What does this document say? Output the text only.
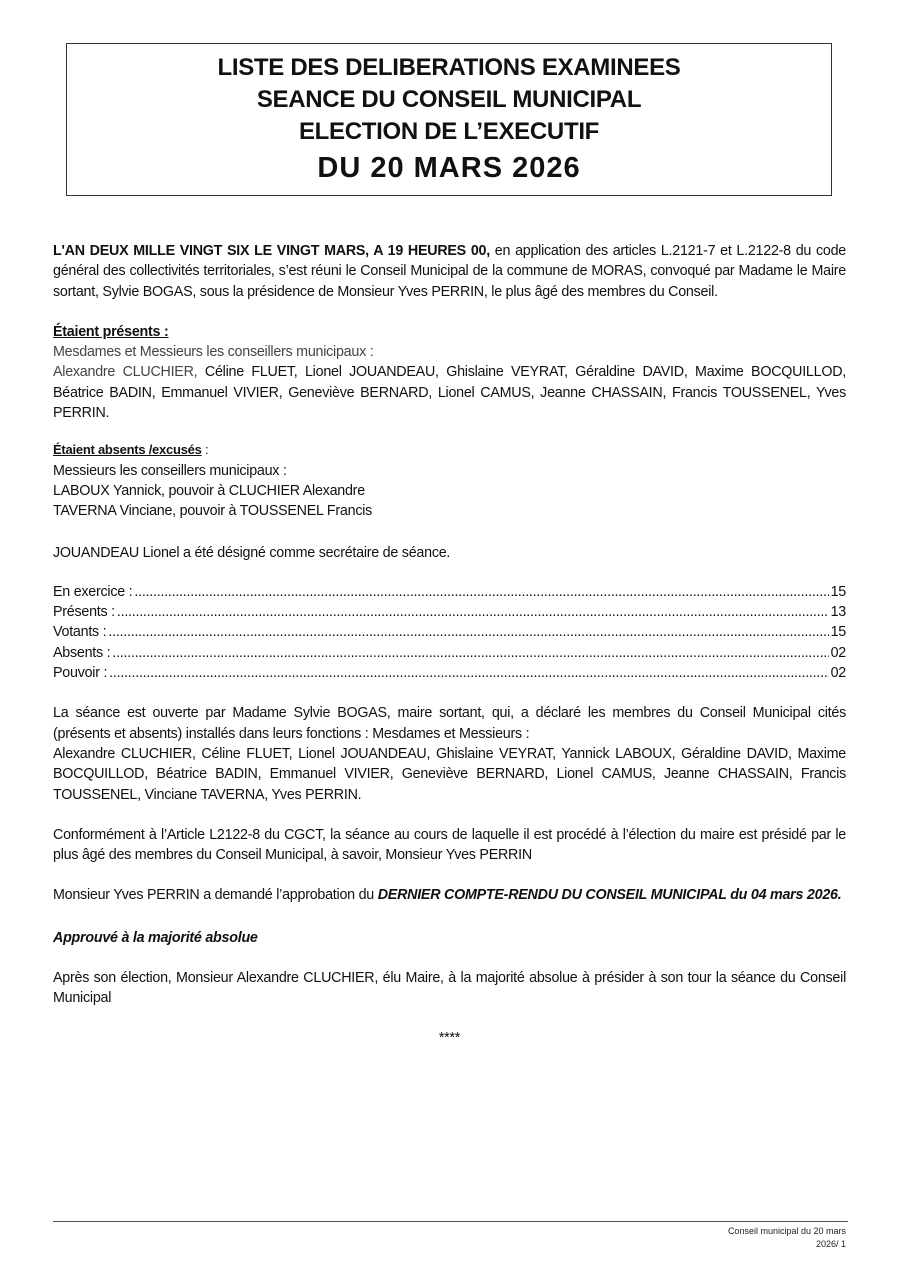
LISTE DES DELIBERATIONS EXAMINEES
SEANCE DU CONSEIL MUNICIPAL
ELECTION DE L’EXECUTIF
DU 20 MARS 2026

L'AN DEUX MILLE VINGT SIX LE VINGT MARS, A 19 HEURES 00, en application des articles L.2121-7 et L.2122-8 du code général des collectivités territoriales, s’est réuni le Conseil Municipal de la commune de MORAS, convoqué par Madame le Maire sortant, Sylvie BOGAS, sous la présidence de Monsieur Yves PERRIN, le plus âgé des membres du Conseil.

Étaient présents :

Mesdames et Messieurs les conseillers municipaux :

Alexandre CLUCHIER, Céline FLUET, Lionel JOUANDEAU, Ghislaine VEYRAT, Géraldine DAVID, Maxime BOCQUILLOD, Béatrice BADIN, Emmanuel VIVIER, Geneviève BERNARD, Lionel CAMUS, Jeanne CHASSAIN, Francis TOUSSENEL, Yves PERRIN.

Étaient absents /excusés :

Messieurs les conseillers municipaux :

LABOUX Yannick, pouvoir à CLUCHIER Alexandre

TAVERNA Vinciane, pouvoir à TOUSSENEL Francis

JOUANDEAU Lionel a été désigné comme secrétaire de séance.

En exercice : .....	15
Présents : .....	13
Votants : .....	15
Absents : .....	02
Pouvoir : .....	02

La séance est ouverte par Madame Sylvie BOGAS, maire sortant, qui, a déclaré les membres du Conseil Municipal cités (présents et absents) installés dans leurs fonctions : Mesdames et Messieurs :

Alexandre CLUCHIER, Céline FLUET, Lionel JOUANDEAU, Ghislaine VEYRAT, Yannick LABOUX, Géraldine DAVID, Maxime BOCQUILLOD, Béatrice BADIN, Emmanuel VIVIER, Geneviève BERNARD, Lionel CAMUS, Jeanne CHASSAIN, Francis TOUSSENEL, Vinciane TAVERNA, Yves PERRIN.

Conformément à l’Article L2122-8 du CGCT, la séance au cours de laquelle il est procédé à l’élection du maire est présidé par le plus âgé des membres du Conseil Municipal, à savoir, Monsieur Yves PERRIN

Monsieur Yves PERRIN a demandé l’approbation du DERNIER COMPTE-RENDU DU CONSEIL MUNICIPAL du 04 mars 2026.

Approuvé à la majorité absolue

Après son élection, Monsieur Alexandre CLUCHIER, élu Maire, à la majorité absolue à présider à son tour la séance du Conseil Municipal

****

Conseil municipal du 20 mars
2026/ 1
